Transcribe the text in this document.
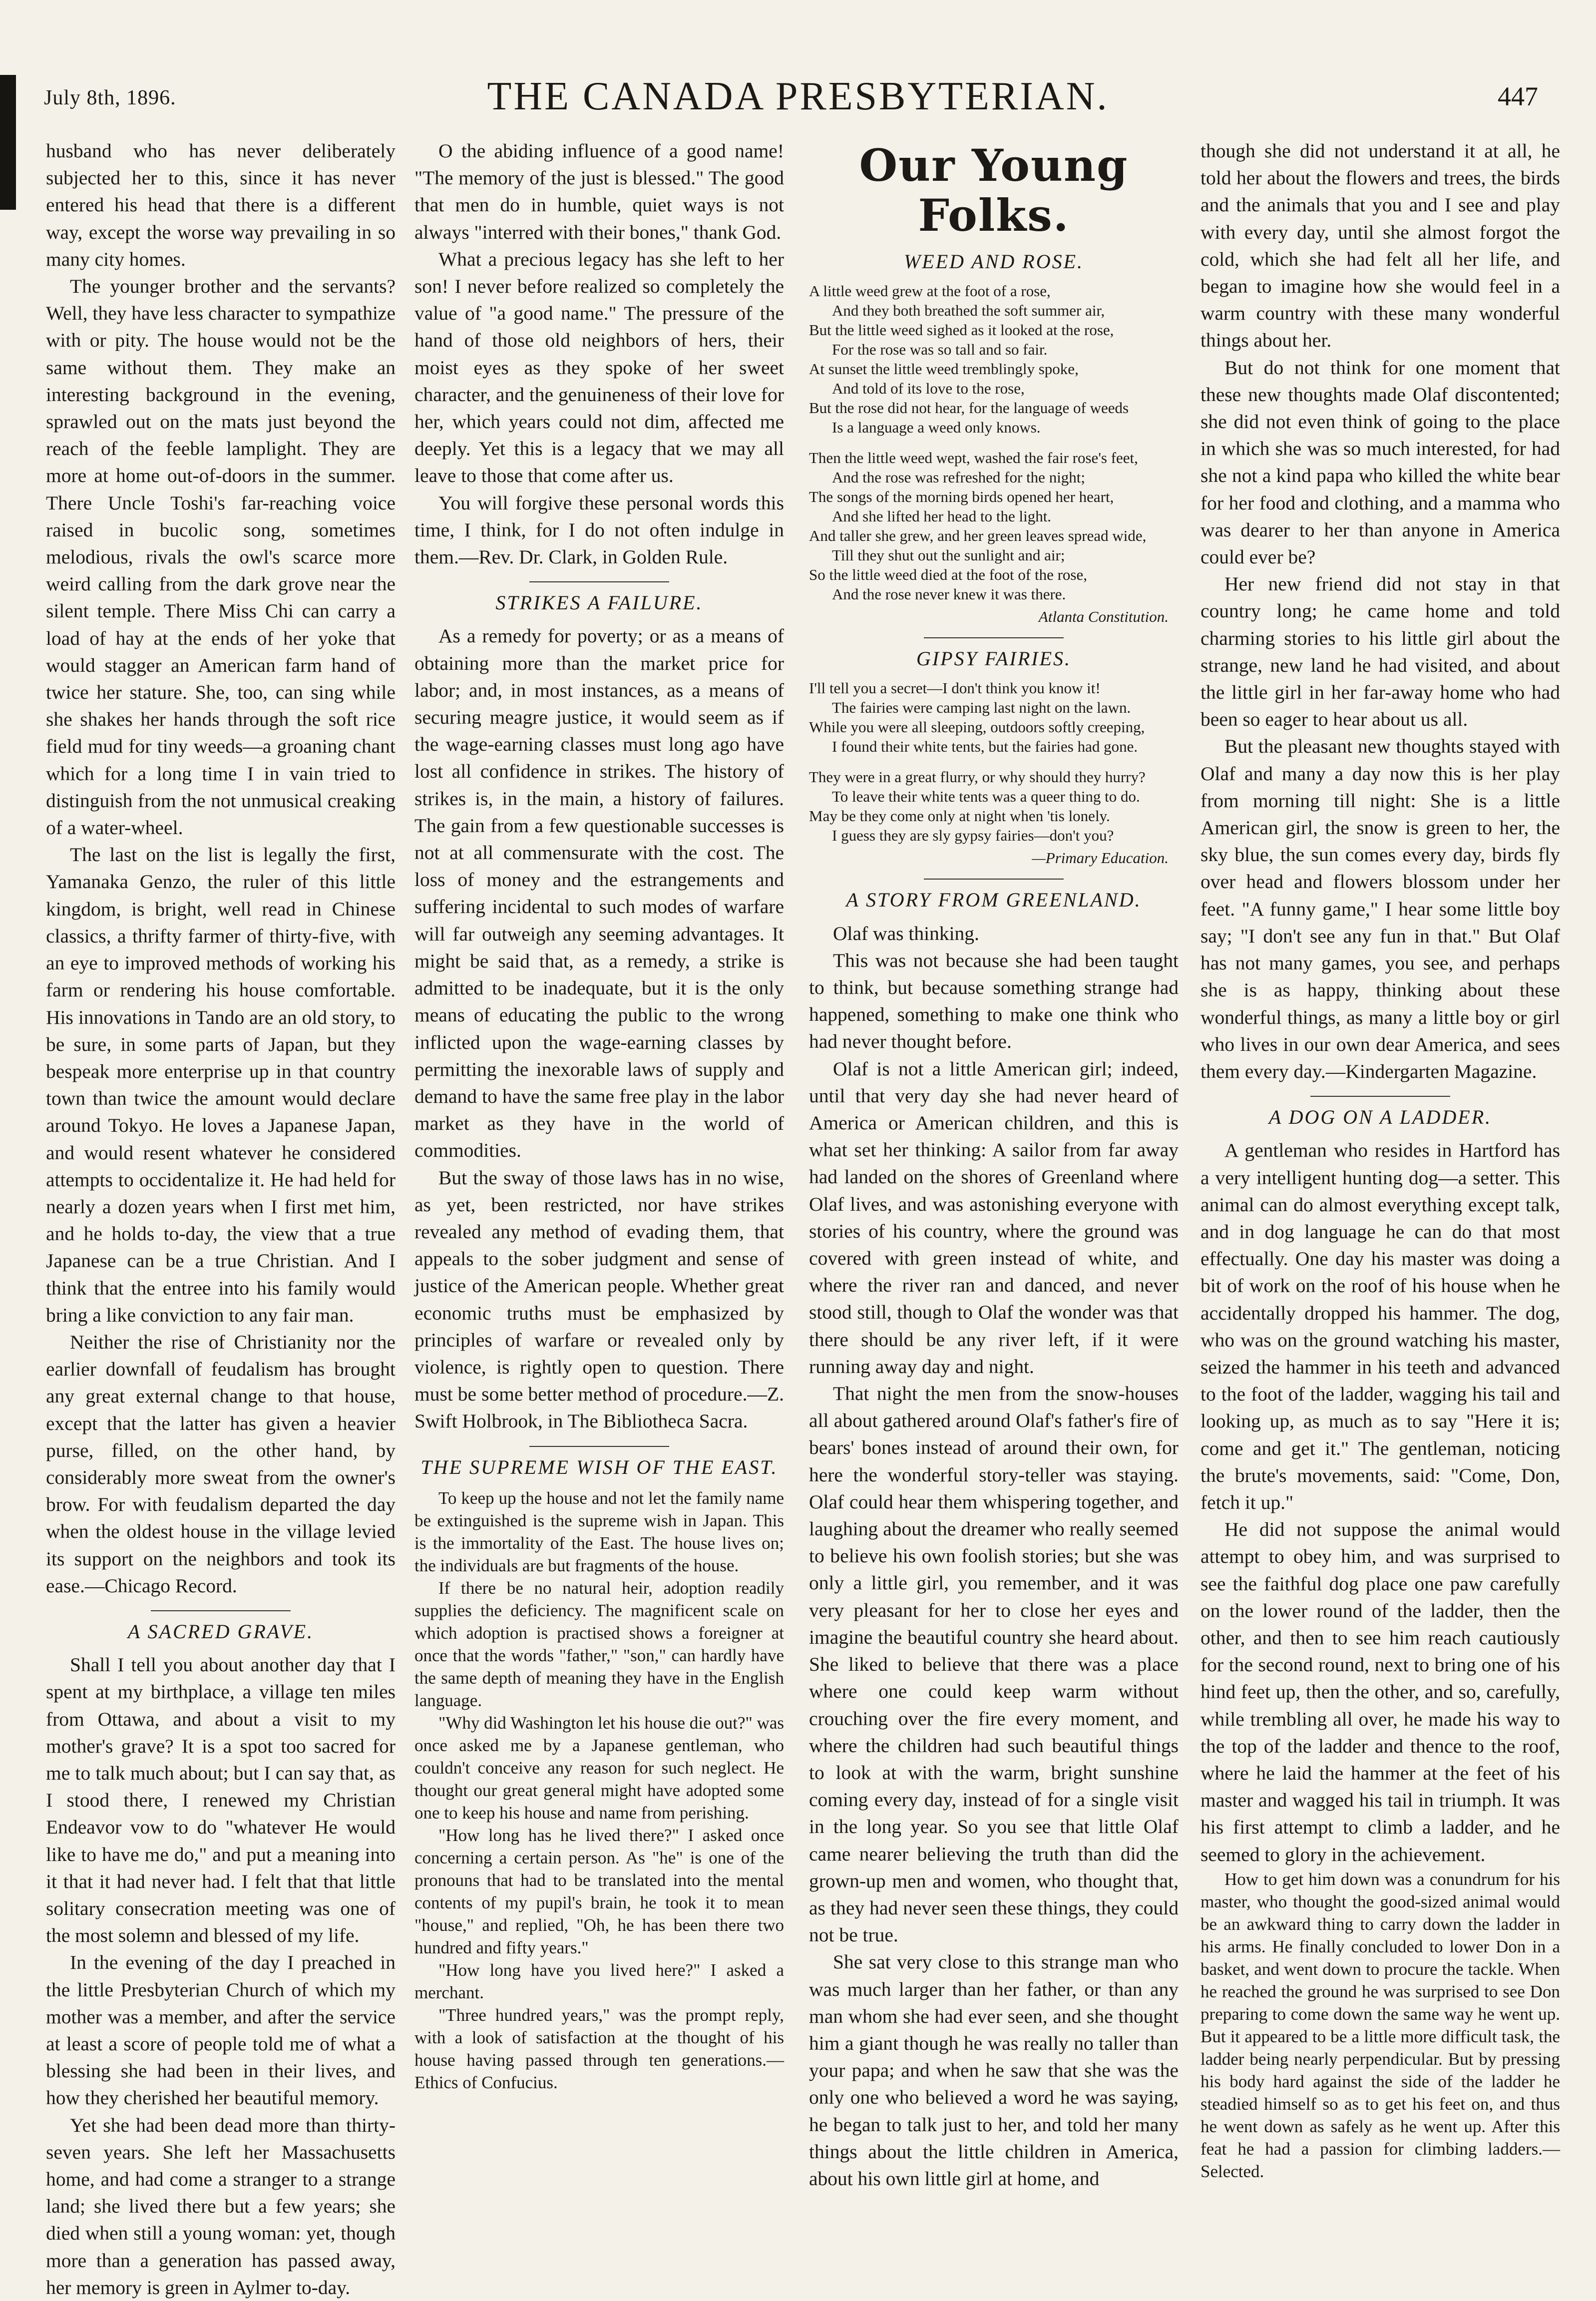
July 8th, 1896.	THE CANADA PRESBYTERIAN.	447

husband who has never deliberately subjected her to this, since it has never entered his head that there is a different way, except the worse way prevailing in so many city homes.

The younger brother and the servants? Well, they have less character to sympathize with or pity. The house would not be the same without them. They make an interesting background in the evening, sprawled out on the mats just beyond the reach of the feeble lamplight. They are more at home out-of-doors in the summer. There Uncle Toshi's far-reaching voice raised in bucolic song, sometimes melodious, rivals the owl's scarce more weird calling from the dark grove near the silent temple. There Miss Chi can carry a load of hay at the ends of her yoke that would stagger an American farm hand of twice her stature. She, too, can sing while she shakes her hands through the soft rice field mud for tiny weeds—a groaning chant which for a long time I in vain tried to distinguish from the not unmusical creaking of a water-wheel.

The last on the list is legally the first, Yamanaka Genzo, the ruler of this little kingdom, is bright, well read in Chinese classics, a thrifty farmer of thirty-five, with an eye to improved methods of working his farm or rendering his house comfortable. His innovations in Tando are an old story, to be sure, in some parts of Japan, but they bespeak more enterprise up in that country town than twice the amount would declare around Tokyo. He loves a Japanese Japan, and would resent whatever he considered attempts to occidentalize it. He had held for nearly a dozen years when I first met him, and he holds to-day, the view that a true Japanese can be a true Christian. And I think that the entree into his family would bring a like conviction to any fair man.

Neither the rise of Christianity nor the earlier downfall of feudalism has brought any great external change to that house, except that the latter has given a heavier purse, filled, on the other hand, by considerably more sweat from the owner's brow. For with feudalism departed the day when the oldest house in the village levied its support on the neighbors and took its ease.—Chicago Record.

A SACRED GRAVE.

Shall I tell you about another day that I spent at my birthplace, a village ten miles from Ottawa, and about a visit to my mother's grave? It is a spot too sacred for me to talk much about; but I can say that, as I stood there, I renewed my Christian Endeavor vow to do "whatever He would like to have me do," and put a meaning into it that it had never had. I felt that that little solitary consecration meeting was one of the most solemn and blessed of my life.

In the evening of the day I preached in the little Presbyterian Church of which my mother was a member, and after the service at least a score of people told me of what a blessing she had been in their lives, and how they cherished her beautiful memory.

Yet she had been dead more than thirty-seven years. She left her Massachusetts home, and had come a stranger to a strange land; she lived there but a few years; she died when still a young woman: yet, though more than a generation has passed away, her memory is green in Aylmer to-day.

O the abiding influence of a good name! "The memory of the just is blessed." The good that men do in humble, quiet ways is not always "interred with their bones," thank God.

What a precious legacy has she left to her son! I never before realized so completely the value of "a good name." The pressure of the hand of those old neighbors of hers, their moist eyes as they spoke of her sweet character, and the genuineness of their love for her, which years could not dim, affected me deeply. Yet this is a legacy that we may all leave to those that come after us.

You will forgive these personal words this time, I think, for I do not often indulge in them.—Rev. Dr. Clark, in Golden Rule.

STRIKES A FAILURE.

As a remedy for poverty; or as a means of obtaining more than the market price for labor; and, in most instances, as a means of securing meagre justice, it would seem as if the wage-earning classes must long ago have lost all confidence in strikes. The history of strikes is, in the main, a history of failures. The gain from a few questionable successes is not at all commensurate with the cost. The loss of money and the estrangements and suffering incidental to such modes of warfare will far outweigh any seeming advantages. It might be said that, as a remedy, a strike is admitted to be inadequate, but it is the only means of educating the public to the wrong inflicted upon the wage-earning classes by permitting the inexorable laws of supply and demand to have the same free play in the labor market as they have in the world of commodities.

But the sway of those laws has in no wise, as yet, been restricted, nor have strikes revealed any method of evading them, that appeals to the sober judgment and sense of justice of the American people. Whether great economic truths must be emphasized by principles of warfare or revealed only by violence, is rightly open to question. There must be some better method of procedure.—Z. Swift Holbrook, in The Bibliotheca Sacra.

THE SUPREME WISH OF THE EAST.

To keep up the house and not let the family name be extinguished is the supreme wish in Japan. This is the immortality of the East. The house lives on; the individuals are but fragments of the house.

If there be no natural heir, adoption readily supplies the deficiency. The magnificent scale on which adoption is practised shows a foreigner at once that the words "father," "son," can hardly have the same depth of meaning they have in the English language.

"Why did Washington let his house die out?" was once asked me by a Japanese gentleman, who couldn't conceive any reason for such neglect. He thought our great general might have adopted some one to keep his house and name from perishing.

"How long has he lived there?" I asked once concerning a certain person. As "he" is one of the pronouns that had to be translated into the mental contents of my pupil's brain, he took it to mean "house," and replied, "Oh, he has been there two hundred and fifty years."

"How long have you lived here?" I asked a merchant.

"Three hundred years," was the prompt reply, with a look of satisfaction at the thought of his house having passed through ten generations.—Ethics of Confucius.

Our Young Folks.
WEED AND ROSE.
A little weed grew at the foot of a rose,
And they both breathed the soft summer air,
But the little weed sighed as it looked at the rose,
For the rose was so tall and so fair.
At sunset the little weed tremblingly spoke,
And told of its love to the rose,
But the rose did not hear, for the language of weeds
Is a language a weed only knows.
Then the little weed wept, washed the fair rose's feet,
And the rose was refreshed for the night;
The songs of the morning birds opened her heart,
And she lifted her head to the light.
And taller she grew, and her green leaves spread wide,
Till they shut out the sunlight and air;
So the little weed died at the foot of the rose,
And the rose never knew it was there.
Atlanta Constitution.
GIPSY FAIRIES.
I'll tell you a secret—I don't think you know it!
The fairies were camping last night on the lawn.
While you were all sleeping, outdoors softly creeping,
I found their white tents, but the fairies had gone.
They were in a great flurry, or why should they hurry?
To leave their white tents was a queer thing to do.
May be they come only at night when 'tis lonely.
I guess they are sly gypsy fairies—don't you?
—Primary Education.
A STORY FROM GREENLAND.

Olaf was thinking.

This was not because she had been taught to think, but because something strange had happened, something to make one think who had never thought before.

Olaf is not a little American girl; indeed, until that very day she had never heard of America or American children, and this is what set her thinking: A sailor from far away had landed on the shores of Greenland where Olaf lives, and was astonishing everyone with stories of his country, where the ground was covered with green instead of white, and where the river ran and danced, and never stood still, though to Olaf the wonder was that there should be any river left, if it were running away day and night.

That night the men from the snow-houses all about gathered around Olaf's father's fire of bears' bones instead of around their own, for here the wonderful story-teller was staying. Olaf could hear them whispering together, and laughing about the dreamer who really seemed to believe his own foolish stories; but she was only a little girl, you remember, and it was very pleasant for her to close her eyes and imagine the beautiful country she heard about. She liked to believe that there was a place where one could keep warm without crouching over the fire every moment, and where the children had such beautiful things to look at with the warm, bright sunshine coming every day, instead of for a single visit in the long year. So you see that little Olaf came nearer believing the truth than did the grown-up men and women, who thought that, as they had never seen these things, they could not be true.

She sat very close to this strange man who was much larger than her father, or than any man whom she had ever seen, and she thought him a giant though he was really no taller than your papa; and when he saw that she was the only one who believed a word he was saying, he began to talk just to her, and told her many things about the little children in America, about his own little girl at home, and

though she did not understand it at all, he told her about the flowers and trees, the birds and the animals that you and I see and play with every day, until she almost forgot the cold, which she had felt all her life, and began to imagine how she would feel in a warm country with these many wonderful things about her.

But do not think for one moment that these new thoughts made Olaf discontented; she did not even think of going to the place in which she was so much interested, for had she not a kind papa who killed the white bear for her food and clothing, and a mamma who was dearer to her than anyone in America could ever be?

Her new friend did not stay in that country long; he came home and told charming stories to his little girl about the strange, new land he had visited, and about the little girl in her far-away home who had been so eager to hear about us all.

But the pleasant new thoughts stayed with Olaf and many a day now this is her play from morning till night: She is a little American girl, the snow is green to her, the sky blue, the sun comes every day, birds fly over head and flowers blossom under her feet. "A funny game," I hear some little boy say; "I don't see any fun in that." But Olaf has not many games, you see, and perhaps she is as happy, thinking about these wonderful things, as many a little boy or girl who lives in our own dear America, and sees them every day.—Kindergarten Magazine.

A DOG ON A LADDER.

A gentleman who resides in Hartford has a very intelligent hunting dog—a setter. This animal can do almost everything except talk, and in dog language he can do that most effectually. One day his master was doing a bit of work on the roof of his house when he accidentally dropped his hammer. The dog, who was on the ground watching his master, seized the hammer in his teeth and advanced to the foot of the ladder, wagging his tail and looking up, as much as to say "Here it is; come and get it." The gentleman, noticing the brute's movements, said: "Come, Don, fetch it up."

He did not suppose the animal would attempt to obey him, and was surprised to see the faithful dog place one paw carefully on the lower round of the ladder, then the other, and then to see him reach cautiously for the second round, next to bring one of his hind feet up, then the other, and so, carefully, while trembling all over, he made his way to the top of the ladder and thence to the roof, where he laid the hammer at the feet of his master and wagged his tail in triumph. It was his first attempt to climb a ladder, and he seemed to glory in the achievement.

How to get him down was a conundrum for his master, who thought the good-sized animal would be an awkward thing to carry down the ladder in his arms. He finally concluded to lower Don in a basket, and went down to procure the tackle. When he reached the ground he was surprised to see Don preparing to come down the same way he went up. But it appeared to be a little more difficult task, the ladder being nearly perpendicular. But by pressing his body hard against the side of the ladder he steadied himself so as to get his feet on, and thus he went down as safely as he went up. After this feat he had a passion for climbing ladders.—Selected.
